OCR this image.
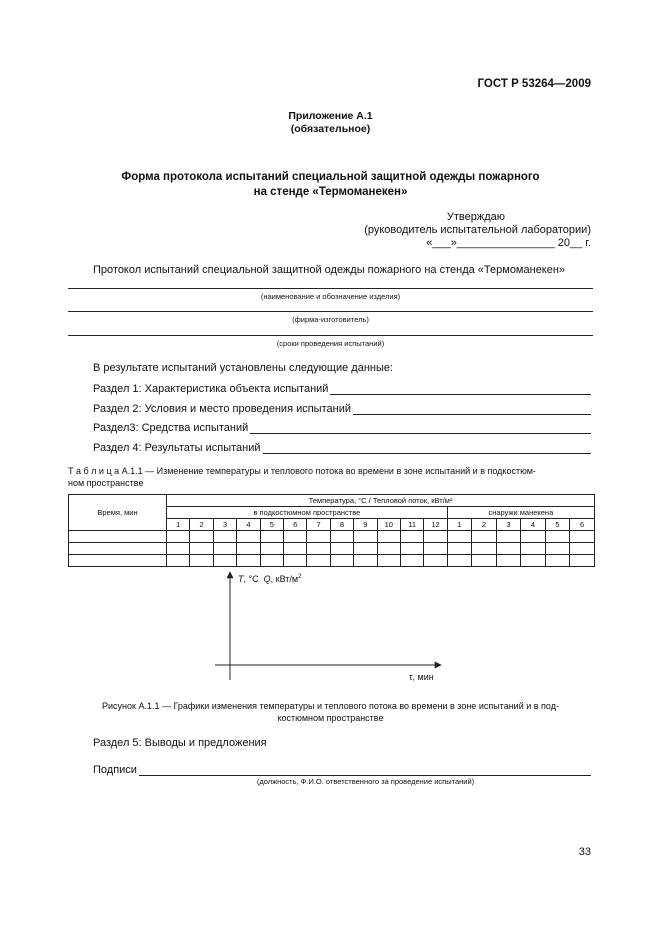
ГОСТ Р 53264—2009
Приложение А.1
(обязательное)
Форма протокола испытаний специальной защитной одежды пожарного
на стенде «Термоманекен»
Утверждаю
(руководитель испытательной лаборатории)
«___»________________ 20__ г.
Протокол испытаний специальной защитной одежды пожарного на стенда «Термоманекен»
(наименование и обозначение изделия)
(фирма-изготовитель)
(сроки проведения испытаний)
В результате испытаний установлены следующие данные:
Раздел 1: Характеристика объекта испытаний
Раздел 2: Условия и место проведения испытаний
Раздел3: Средства испытаний
Раздел 4: Результаты испытаний
Т а б л и ц а А.1.1 — Изменение температуры и теплового потока во времени в зоне испытаний и в подкостюм-
ном пространстве
Время, мин	Температура, °С / Тепловой поток, кВт/м²																	
	в подкостюмном пространстве												снаружи манекена					
	1	2	3	4	5	6	7	8	9	10	11	12	1	2	3	4	5	6

T, °C Q, кВт/$м^2$
τ, мин
Рисунок А.1.1 — Графики изменения температуры и теплового потока во времени в зоне испытаний и в под-
костюмном пространстве
Раздел 5: Выводы и предложения
Подписи
(должность, Ф.И.О. ответственного за проведение испытаний)
33
